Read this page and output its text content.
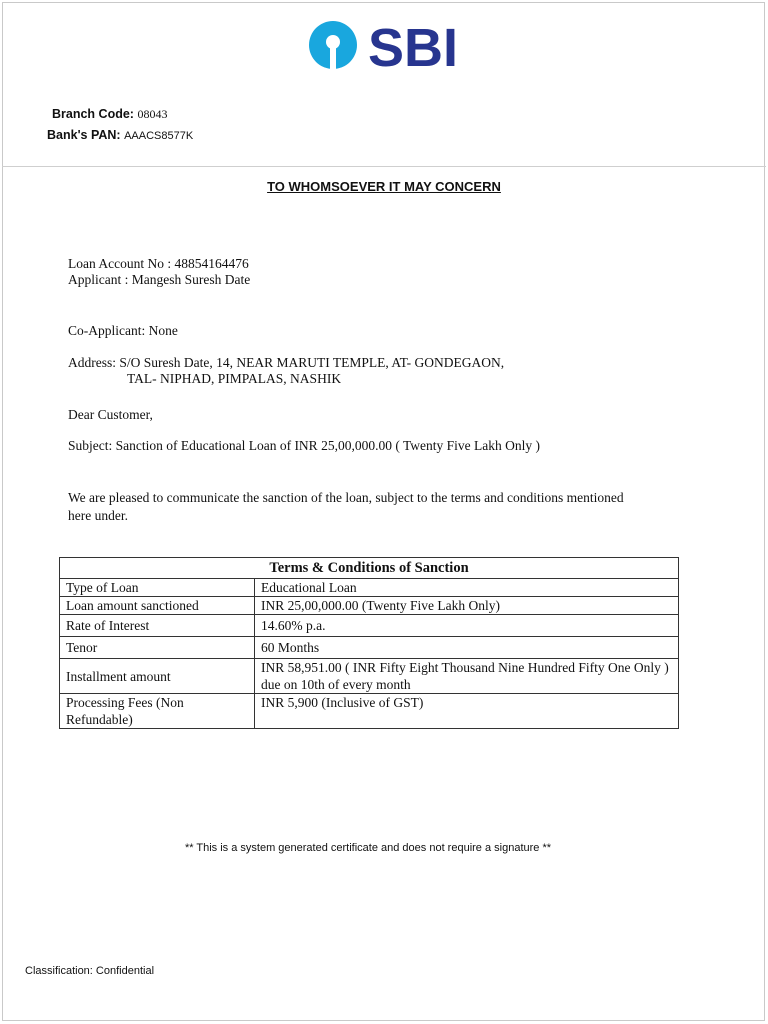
SBI
Branch Code: 08043
Bank's PAN: AAACS8577K
TO WHOMSOEVER IT MAY CONCERN
Loan Account No : 48854164476
Applicant : Mangesh Suresh Date
Co-Applicant: None
Address: S/O Suresh Date, 14, NEAR MARUTI TEMPLE, AT- GONDEGAON,
TAL- NIPHAD, PIMPALAS, NASHIK
Dear Customer,
Subject: Sanction of Educational Loan of INR 25,00,000.00 ( Twenty Five Lakh Only )
We are pleased to communicate the sanction of the loan, subject to the terms and conditions mentioned here under.
Terms & Conditions of Sanction	
Type of Loan	Educational Loan
Loan amount sanctioned	INR 25,00,000.00 (Twenty Five Lakh Only)
Rate of Interest	14.60% p.a.
Tenor	60 Months
Installment amount	INR 58,951.00 ( INR Fifty Eight Thousand Nine Hundred Fifty One Only ) due on 10th of every month
Processing Fees (Non Refundable)	INR 5,900 (Inclusive of GST)
** This is a system generated certificate and does not require a signature **
Classification: Confidential
